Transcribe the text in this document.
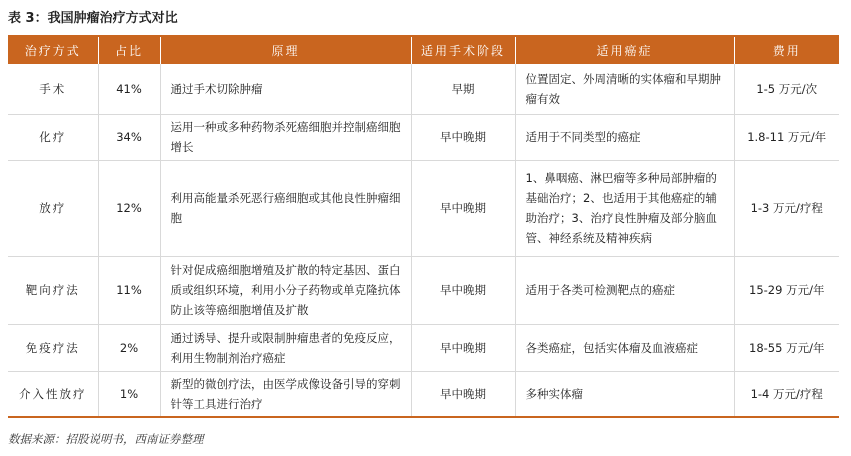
表 3：我国肿瘤治疗方式对比
治疗方式	占比	原理	适用手术阶段	适用癌症	费用
手术	41%	通过手术切除肿瘤	早期	位置固定、外周清晰的实体瘤和早期肿瘤有效	1-5 万元/次
化疗	34%	运用一种或多种药物杀死癌细胞并控制癌细胞增长	早中晚期	适用于不同类型的癌症	1.8-11 万元/年
放疗	12%	利用高能量杀死恶行癌细胞或其他良性肿瘤细胞	早中晚期	1、鼻咽癌、淋巴瘤等多种局部肿瘤的基础治疗；2、也适用于其他癌症的辅助治疗；3、治疗良性肿瘤及部分脑血管、神经系统及精神疾病	1-3 万元/疗程
靶向疗法	11%	针对促成癌细胞增殖及扩散的特定基因、蛋白质或组织环境，利用小分子药物或单克隆抗体防止该等癌细胞增值及扩散	早中晚期	适用于各类可检测靶点的癌症	15-29 万元/年
免疫疗法	2%	通过诱导、提升或限制肿瘤患者的免疫反应，利用生物制剂治疗癌症	早中晚期	各类癌症，包括实体瘤及血液癌症	18-55 万元/年
介入性放疗	1%	新型的微创疗法，由医学成像设备引导的穿刺针等工具进行治疗	早中晚期	多种实体瘤	1-4 万元/疗程
数据来源：招股说明书，西南证券整理
